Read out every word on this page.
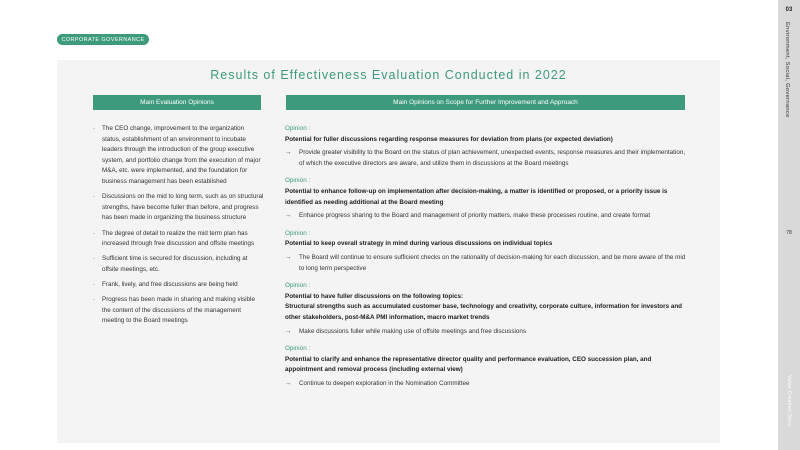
CORPORATE GOVERNANCE
Results of Effectiveness Evaluation Conducted in 2022
Main Evaluation Opinions	Main Opinions on Scope for Further Improvement and Approach
· The CEO change, improvement to the organization status, establishment of an environment to incubate leaders through the introduction of the group executive system, and portfolio change from the execution of major M&A, etc. were implemented, and the foundation for business management has been established
· Discussions on the mid to long term, such as on structural strengths, have become fuller than before, and progress has been made in organizing the business structure
· The degree of detail to realize the mid term plan has increased through free discussion and offsite meetings
· Sufficient time is secured for discussion, including at offsite meetings, etc.
· Frank, lively, and free discussions are being held
· Progress has been made in sharing and making visible the content of the discussions of the management meeting to the Board meetings
Opinion :
Potential for fuller discussions regarding response measures for deviation from plans (or expected deviation)
→ Provide greater visibility to the Board on the status of plan achievement, unexpected events, response measures and their implementation, of which the executive directors are aware, and utilize them in discussions at the Board meetings
Opinion :
Potential to enhance follow-up on implementation after decision-making, a matter is identified or proposed, or a priority issue is identified as needing additional at the Board meeting
→ Enhance progress sharing to the Board and management of priority matters, make these processes routine, and create format
Opinion :
Potential to keep overall strategy in mind during various discussions on individual topics
→ The Board will continue to ensure sufficient checks on the rationality of decision-making for each discussion, and be more aware of the mid to long term perspective
Opinion :
Potential to have fuller discussions on the following topics:
Structural strengths such as accumulated customer base, technology and creativity, corporate culture, information for investors and other stakeholders, post-M&A PMI information, macro market trends
→ Make discussions fuller while making use of offsite meetings and free discussions
Opinion :
Potential to clarify and enhance the representative director quality and performance evaluation, CEO succession plan, and appointment and removal process (including external view)
→ Continue to deepen exploration in the Nomination Committee
03
Environment, Social, Governance
78
Value Creation Story
